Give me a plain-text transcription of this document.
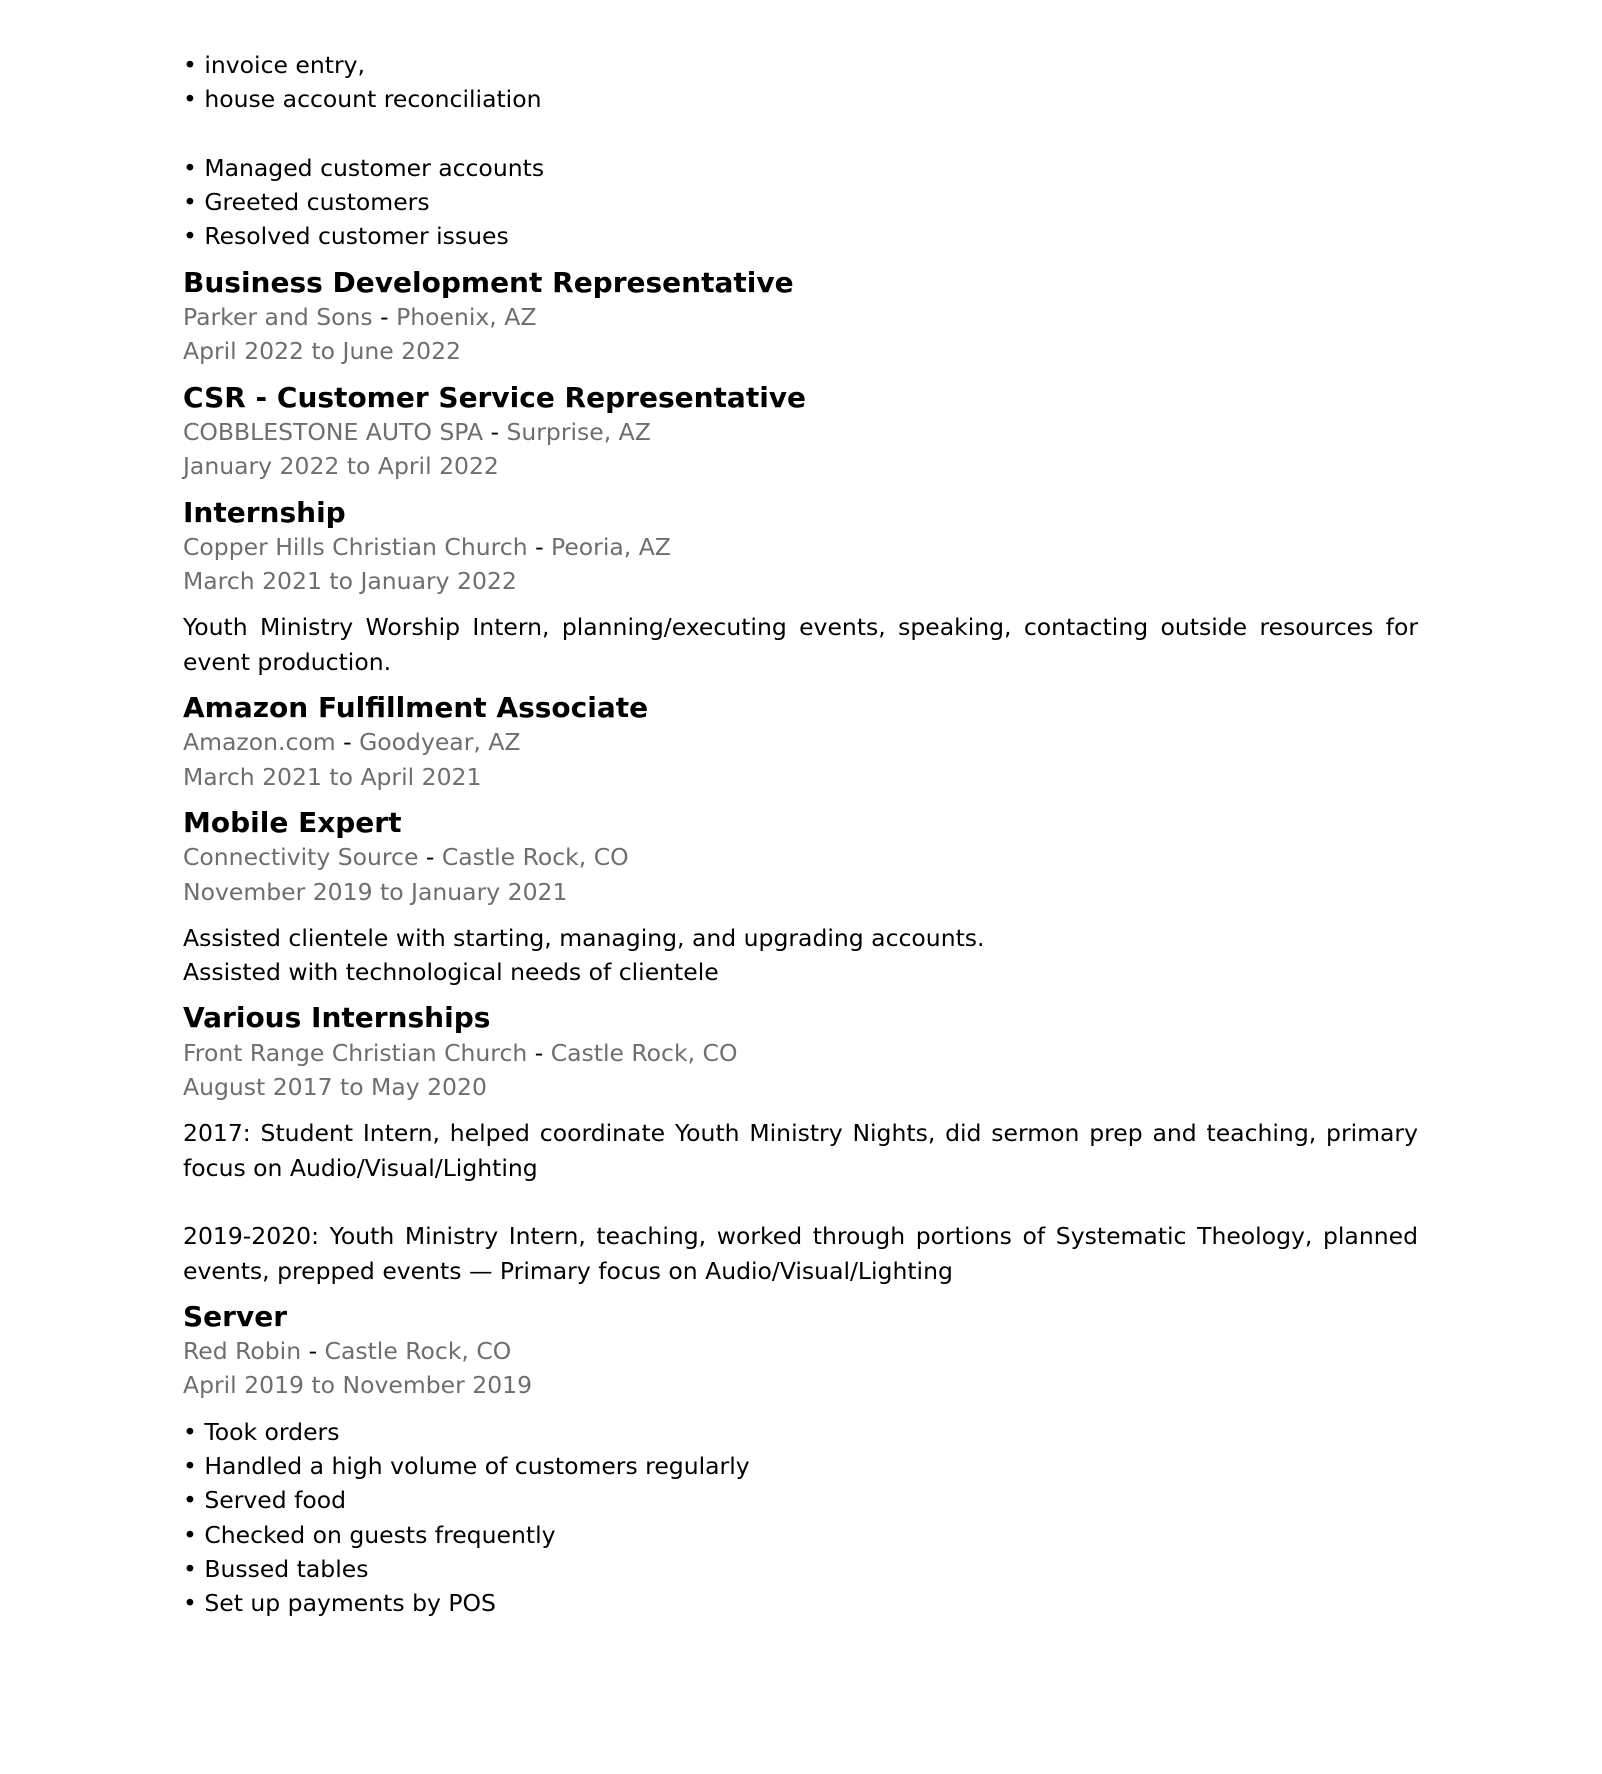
• invoice entry,
• house account reconciliation
• Managed customer accounts
• Greeted customers
• Resolved customer issues
Business Development Representative
Parker and Sons - Phoenix, AZ
April 2022 to June 2022
CSR - Customer Service Representative
COBBLESTONE AUTO SPA - Surprise, AZ
January 2022 to April 2022
Internship
Copper Hills Christian Church - Peoria, AZ
March 2021 to January 2022
Youth Ministry Worship Intern, planning/executing events, speaking, contacting outside resources for event production.
Amazon Fulfillment Associate
Amazon.com - Goodyear, AZ
March 2021 to April 2021
Mobile Expert
Connectivity Source - Castle Rock, CO
November 2019 to January 2021
Assisted clientele with starting, managing, and upgrading accounts.
Assisted with technological needs of clientele
Various Internships
Front Range Christian Church - Castle Rock, CO
August 2017 to May 2020
2017: Student Intern, helped coordinate Youth Ministry Nights, did sermon prep and teaching, primary focus on Audio/Visual/Lighting
2019-2020: Youth Ministry Intern, teaching, worked through portions of Systematic Theology, planned events, prepped events — Primary focus on Audio/Visual/Lighting
Server
Red Robin - Castle Rock, CO
April 2019 to November 2019
• Took orders
• Handled a high volume of customers regularly
• Served food
• Checked on guests frequently
• Bussed tables
• Set up payments by POS
